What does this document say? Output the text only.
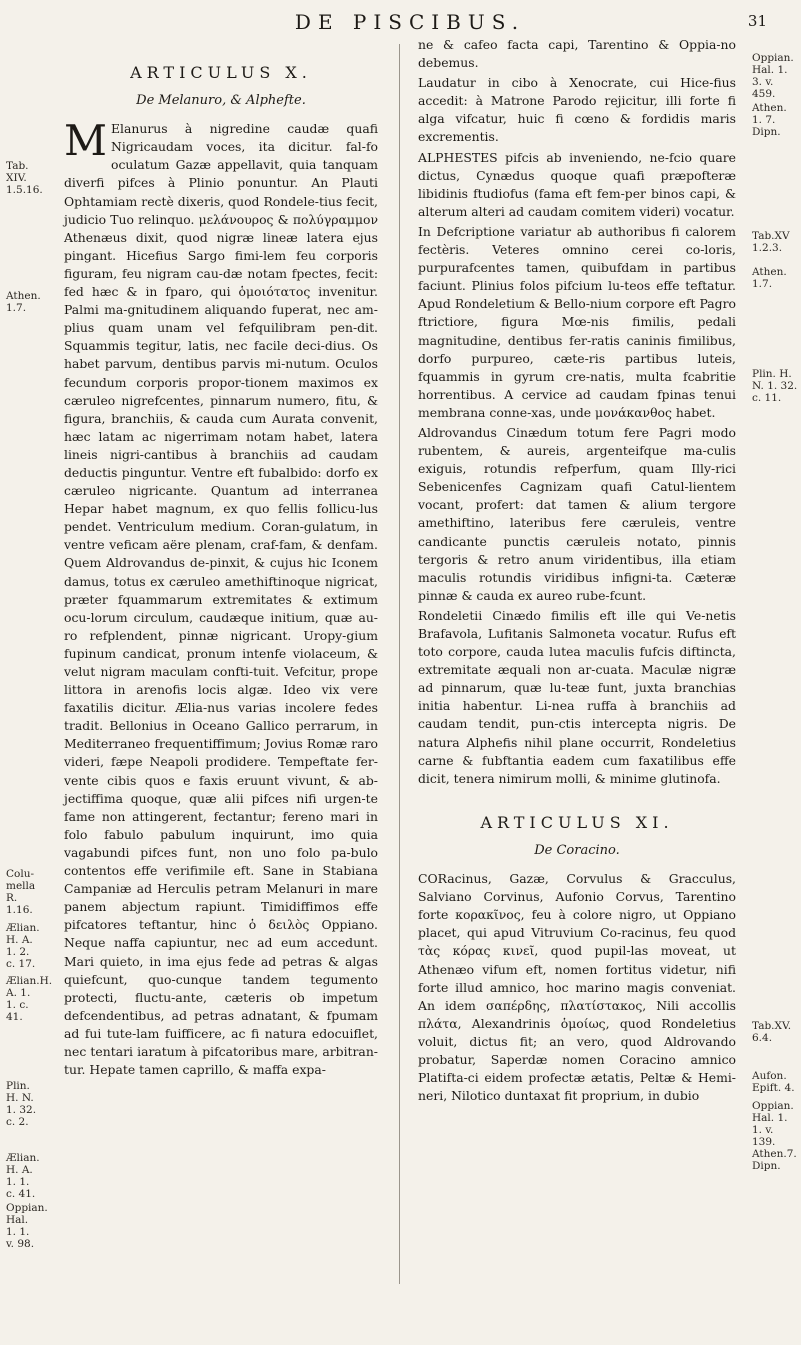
DE PISCIBUS.	31
ARTICULUS X.
De Melanuro, & Alphefte.

M Elanurus à nigredine caudæ quafi Nigricaudam voces, ita dicitur. fal-fo oculatum Gazæ appellavit, quia tanquam diverfi pifces à Plinio ponuntur. An Plauti Ophtamiam rectè dixeris, quod Rondele-tius fecit, judicio Tuo relinquo. μελάνουρος & πολύγραμμον Athenæus dixit, quod nigræ lineæ latera ejus pingant. Hicefius Sargo fimi-lem feu corporis figuram, feu nigram cau-dæ notam fpectes, fecit: fed hæc & in fparo, qui ὁμοιότατος invenitur. Palmi ma-gnitudinem aliquando fuperat, nec am-plius quam unam vel fefquilibram pen-dit. Squammis tegitur, latis, nec facile deci-dius. Os habet parvum, dentibus parvis mi-nutum. Oculos fecundum corporis propor-tionem maximos ex cæruleo nigrefcentes, pinnarum numero, fitu, & figura, branchiis, & cauda cum Aurata convenit, hæc latam ac nigerrimam notam habet, latera lineis nigri-cantibus à branchiis ad caudam deductis pinguntur. Ventre eft fubalbido: dorfo ex cæruleo nigricante. Quantum ad interranea Hepar habet magnum, ex quo fellis follicu-lus pendet. Ventriculum medium. Coran-gulatum, in ventre veficam aëre plenam, craf-fam, & denfam. Quem Aldrovandus de-pinxit, & cujus hic Iconem damus, totus ex cæruleo amethiftinoque nigricat, præter fquammarum extremitates & extimum ocu-lorum circulum, caudæque initium, quæ au-ro refplendent, pinnæ nigricant. Uropy-gium fupinum candicat, pronum intenfe violaceum, & velut nigram maculam confti-tuit. Vefcitur, prope littora in arenofis locis algæ. Ideo vix vere faxatilis dicitur. Ælia-nus varias incolere fedes tradit. Bellonius in Oceano Gallico perrarum, in Mediterraneo frequentiffimum; Jovius Romæ raro videri, fæpe Neapoli prodidere. Tempeftate fer-vente cibis quos e faxis eruunt vivunt, & ab-jectiffima quoque, quæ alii pifces nifi urgen-te fame non attingerent, fectantur; fereno mari in folo fabulo pabulum inquirunt, imo quia vagabundi pifces funt, non uno folo pa-bulo contentos effe verifimile eft. Sane in Stabiana Campaniæ ad Herculis petram Melanuri in mare panem abjectum rapiunt. Timidiffimos effe pifcatores teftantur, hinc ὁ δειλὸς Oppiano. Neque naffa capiuntur, nec ad eum accedunt. Mari quieto, in ima ejus fede ad petras & algas quiefcunt, quo-cunque tandem tegumento protecti, fluctu-ante, cæteris ob impetum defcendentibus, ad petras adnatant, & fpumam ad fui tute-lam fuifficere, ac fi natura edocuiflet, nec tentari iaratum à pifcatoribus mare, arbitran-tur. Hepate tamen caprillo, & maffa expa-

ne & cafeo facta capi, Tarentino & Oppia-no debemus.

Laudatur in cibo à Xenocrate, cui Hice-fius accedit: à Matrone Parodo rejicitur, illi forte fi alga vifcatur, huic fi cœno & fordidis maris excrementis.

ALPHESTES pifcis ab inveniendo, ne-fcio quare dictus, Cynædus quoque quafi præpofteræ libidinis ftudiofus (fama eft fem-per binos capi, & alterum alteri ad caudam comitem videri) vocatur.

In Defcriptione variatur ab authoribus fi calorem fectèris. Veteres omnino cerei co-loris, purpurafcentes tamen, quibufdam in partibus faciunt. Plinius folos pifcium lu-teos effe teftatur. Apud Rondeletium & Bello-nium corpore eft Pagro ftrictiore, figura Mœ-nis fimilis, pedali magnitudine, dentibus fer-ratis caninis fimilibus, dorfo purpureo, cæte-ris partibus luteis, fquammis in gyrum cre-natis, multa fcabritie horrentibus. A cervice ad caudam fpinas tenui membrana conne-xas, unde μονάκανθος habet.

Aldrovandus Cinædum totum fere Pagri modo rubentem, & aureis, argenteifque ma-culis exiguis, rotundis refperfum, quam Illy-rici Sebenicenfes Cagnizam quafi Catul-lientem vocant, profert: dat tamen & alium tergore amethiftino, lateribus fere cæruleis, ventre candicante punctis cæruleis notato, pinnis tergoris & retro anum viridentibus, illa etiam maculis rotundis viridibus infigni-ta. Cæteræ pinnæ & cauda ex aureo rube-fcunt.

Rondeletii Cinædo fimilis eft ille qui Ve-netis Brafavola, Lufitanis Salmoneta vocatur. Rufus eft toto corpore, cauda lutea maculis fufcis diftincta, extremitate æquali non ar-cuata. Maculæ nigræ ad pinnarum, quæ lu-teæ funt, juxta branchias initia habentur. Li-nea ruffa à branchiis ad caudam tendit, pun-ctis intercepta nigris. De natura Alphefis nihil plane occurrit, Rondeletius carne & fubftantia eadem cum faxatilibus effe dicit, tenera nimirum molli, & minime glutinofa.

ARTICULUS XI.
De Coracino.

CORacinus, Gazæ, Corvulus & Gracculus, Salviano Corvinus, Aufonio Corvus, Tarentino forte κορακῖνος, feu à colore nigro, ut Oppiano placet, qui apud Vitruvium Co-racinus, feu quod τὰς κόρας κινεῖ, quod pupil-las moveat, ut Athenæo vifum eft, nomen fortitus videtur, nifi forte illud amnico, hoc marino magis conveniat. An idem σαπέρδης, πλατίστακος, Nili accollis πλάτα, Alexandrinis ὁμοίως, quod Rondeletius voluit, dictus fit; an vero, quod Aldrovando probatur, Saperdæ nomen Coracino amnico Platifta-ci eidem profectæ ætatis, Peltæ & Hemi-neri, Nilotico duntaxat fit proprium, in dubio

Tab. XIV. 1.5.16.
Athen. 1.7.
Colu-mella R. 1.16.
Ælian. H. A. 1. 2. c. 17.
Ælian.H. A. 1. 1. c. 41.
Plin. H. N. 1. 32. c. 2.
Ælian. H. A. 1. 1. c. 41.
Oppian. Hal. 1. 1. v. 98.
Oppian. Hal. 1. 3. v. 459.
Athen. 1. 7. Dipn.
Tab.XV 1.2.3.
Athen. 1.7.
Plin. H. N. 1. 32. c. 11.
Tab.XV. 6.4.
Aufon. Epift. 4.
Oppian. Hal. 1. 1. v. 139.
Athen.7. Dipn.
